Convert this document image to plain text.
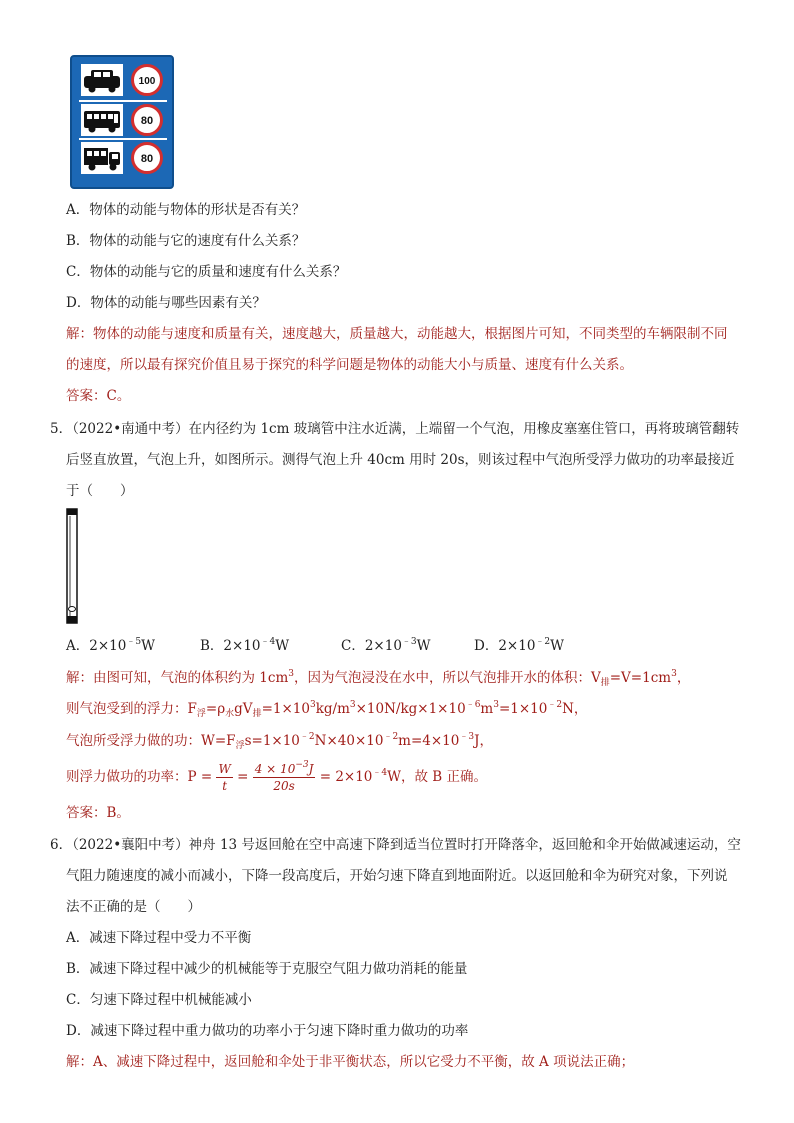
100
80
80
A．物体的动能与物体的形状是否有关？
B．物体的动能与它的速度有什么关系？
C．物体的动能与它的质量和速度有什么关系？
D．物体的动能与哪些因素有关？
解：物体的动能与速度和质量有关，速度越大，质量越大，动能越大，根据图片可知，不同类型的车辆限制不同
的速度，所以最有探究价值且易于探究的科学问题是物体的动能大小与质量、速度有什么关系。
答案：C。
5．（2022•南通中考）在内径约为 1cm 玻璃管中注水近满，上端留一个气泡，用橡皮塞塞住管口，再将玻璃管翻转
后竖直放置，气泡上升，如图所示。测得气泡上升 40cm 用时 20s，则该过程中气泡所受浮力做功的功率最接近
于（　　）
A．$2\times 10^{﹣5}W$	B．$2\times 10^{﹣4}W$	C．$2\times 10^{﹣3}W$	D．$2\times 10^{﹣2}W$
解：由图可知，气泡的体积约为 $1cm^3$，因为气泡浸没在水中，所以气泡排开水的体积：$V_排=V=1cm^3$，
则气泡受到的浮力：$F_浮=\rho_水gV_排=1\times 10^3kg/m^3\times 10N/kg\times 1\times 10^{﹣6}m^3=1\times 10^{﹣2}N$，
气泡所受浮力做的功：$W=F_浮s=1\times 10^{﹣2}N\times 40\times 10^{﹣2}m=4\times 10^{﹣3}J$，
则浮力做功的功率：$P = \frac{W}{t} = \frac{4 \times 10^{-3}J}{20s} = 2\times 10^{﹣4}W$，故 B 正确。
答案：B。
6．（2022•襄阳中考）神舟 13 号返回舱在空中高速下降到适当位置时打开降落伞，返回舱和伞开始做减速运动，空
气阻力随速度的减小而减小，下降一段高度后，开始匀速下降直到地面附近。以返回舱和伞为研究对象，下列说
法不正确的是（　　）
A．减速下降过程中受力不平衡
B．减速下降过程中减少的机械能等于克服空气阻力做功消耗的能量
C．匀速下降过程中机械能减小
D．减速下降过程中重力做功的功率小于匀速下降时重力做功的功率
解：A、减速下降过程中，返回舱和伞处于非平衡状态，所以它受力不平衡，故 A 项说法正确；
